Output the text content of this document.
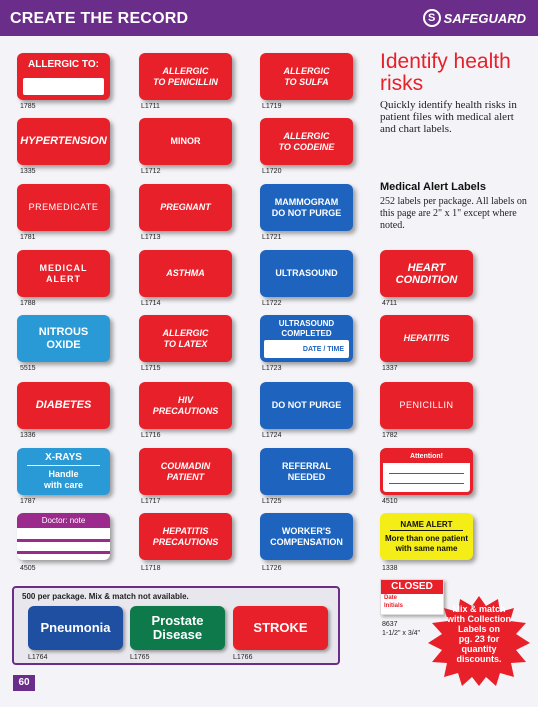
CREATE THE RECORD	S SAFEGUARD
ALLERGIC TO:
1785
HYPERTENSION
1335
PREMEDICATE
1781
MEDICAL
ALERT
1788
NITROUS OXIDE
5515
DIABETES
1336
X-RAYS
Handle
with care
1787
Doctor: note
4505
ALLERGIC
TO PENICILLIN
L1711
MINOR
L1712
PREGNANT
L1713
ASTHMA
L1714
ALLERGIC
TO LATEX
L1715
HIV
PRECAUTIONS
L1716
COUMADIN
PATIENT
L1717
HEPATITIS
PRECAUTIONS
L1718
ALLERGIC
TO SULFA
L1719
ALLERGIC
TO CODEINE
L1720
MAMMOGRAM
DO NOT PURGE
L1721
ULTRASOUND
L1722
ULTRASOUND
COMPLETED
DATE / TIME
L1723
DO NOT PURGE
L1724
REFERRAL
NEEDED
L1725
WORKER'S
COMPENSATION
L1726
Identify health
risks
Quickly identify health risks in patient files with medical alert and chart labels.
Medical Alert Labels
252 labels per package. All labels on this page are 2" x 1" except where noted.
HEART
CONDITION
4711
HEPATITIS
1337
PENICILLIN
1782
Attention!
4510
NAME ALERT
More than one patient
with same name
1338
500 per package. Mix & match not available.
Pneumonia
L1764
Prostate
Disease
L1765
STROKE
L1766
CLOSED FILE
Date
Initials
8637
1-1/2" x 3/4"
Mix & match
with Collection
Labels on
pg. 23 for
quantity
discounts.
60
